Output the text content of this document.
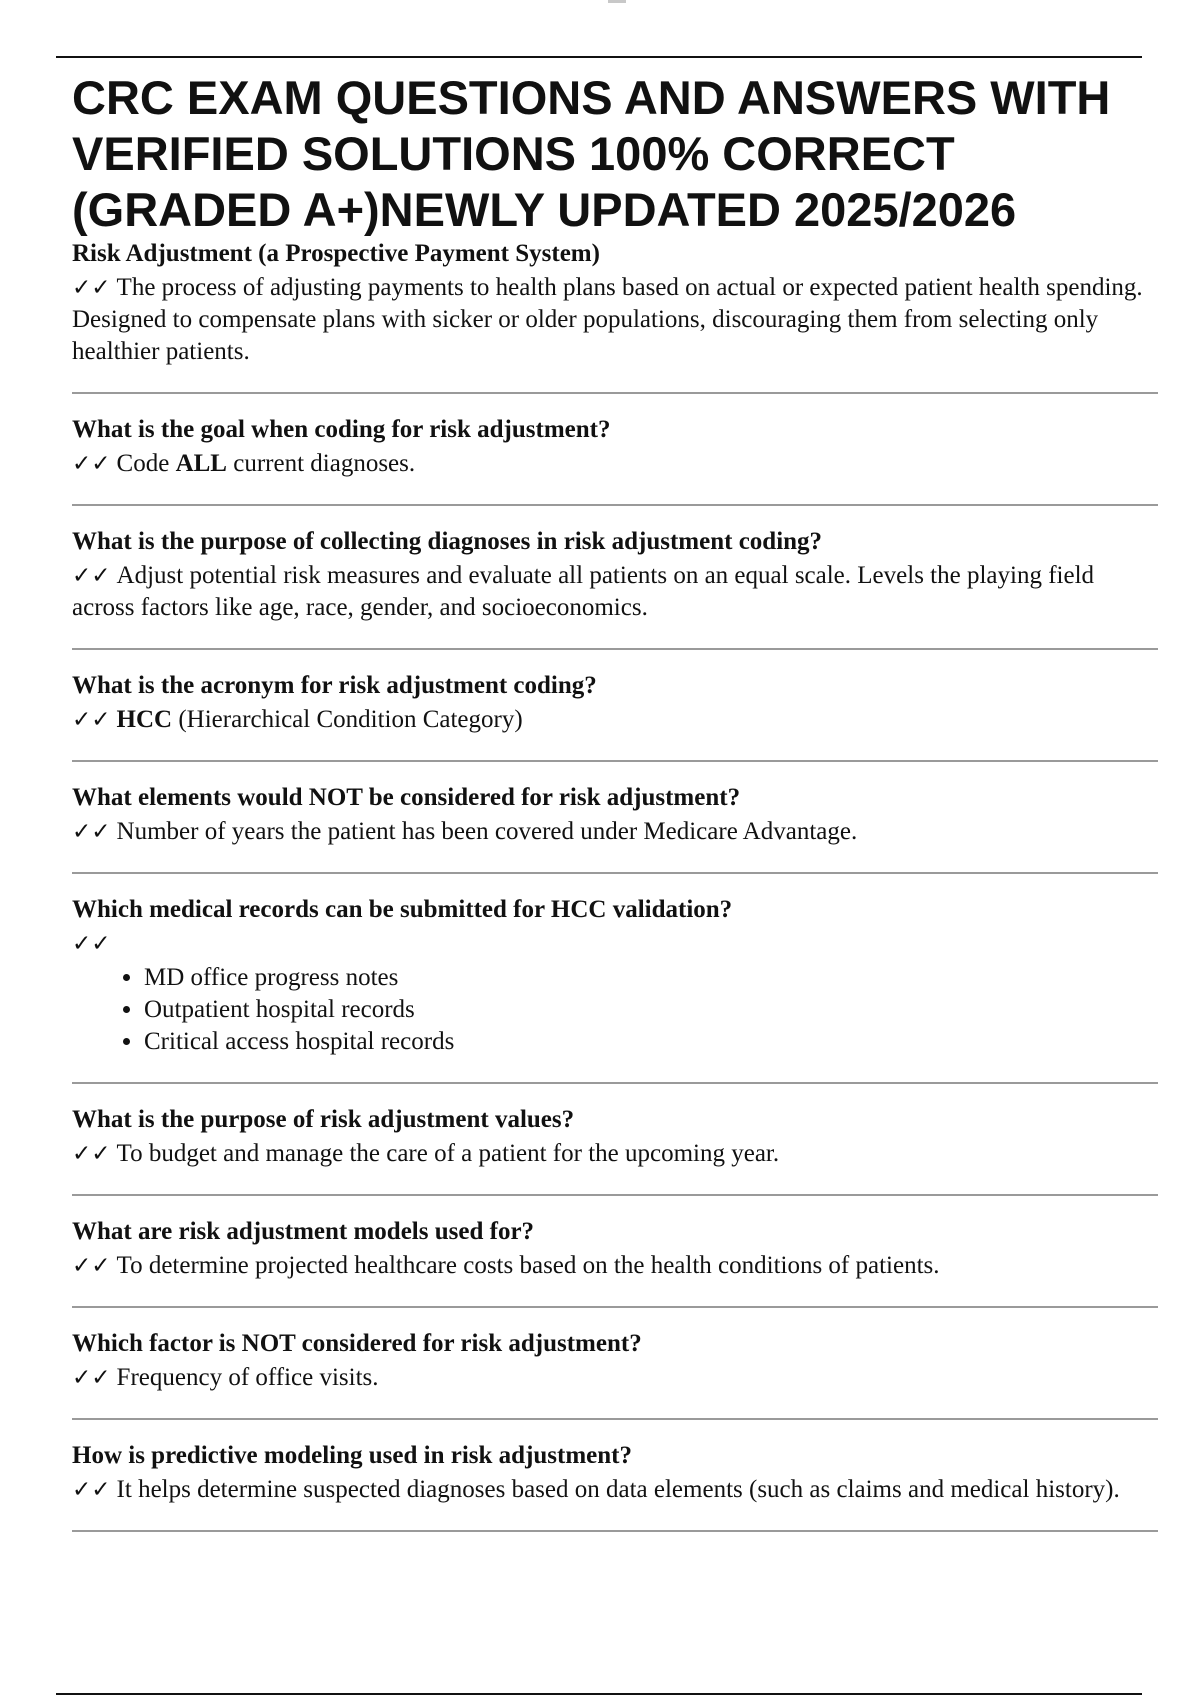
CRC EXAM QUESTIONS AND ANSWERS WITH VERIFIED SOLUTIONS 100% CORRECT (GRADED A+)NEWLY UPDATED 2025/2026

Risk Adjustment (a Prospective Payment System)

✓✓ The process of adjusting payments to health plans based on actual or expected patient health spending. Designed to compensate plans with sicker or older populations, discouraging them from selecting only healthier patients.

What is the goal when coding for risk adjustment?

✓✓ Code ALL current diagnoses.

What is the purpose of collecting diagnoses in risk adjustment coding?

✓✓ Adjust potential risk measures and evaluate all patients on an equal scale. Levels the playing field across factors like age, race, gender, and socioeconomics.

What is the acronym for risk adjustment coding?

✓✓ HCC (Hierarchical Condition Category)

What elements would NOT be considered for risk adjustment?

✓✓ Number of years the patient has been covered under Medicare Advantage.

Which medical records can be submitted for HCC validation?

✓✓

• MD office progress notes
• Outpatient hospital records
• Critical access hospital records

What is the purpose of risk adjustment values?

✓✓ To budget and manage the care of a patient for the upcoming year.

What are risk adjustment models used for?

✓✓ To determine projected healthcare costs based on the health conditions of patients.

Which factor is NOT considered for risk adjustment?

✓✓ Frequency of office visits.

How is predictive modeling used in risk adjustment?

✓✓ It helps determine suspected diagnoses based on data elements (such as claims and medical history).
